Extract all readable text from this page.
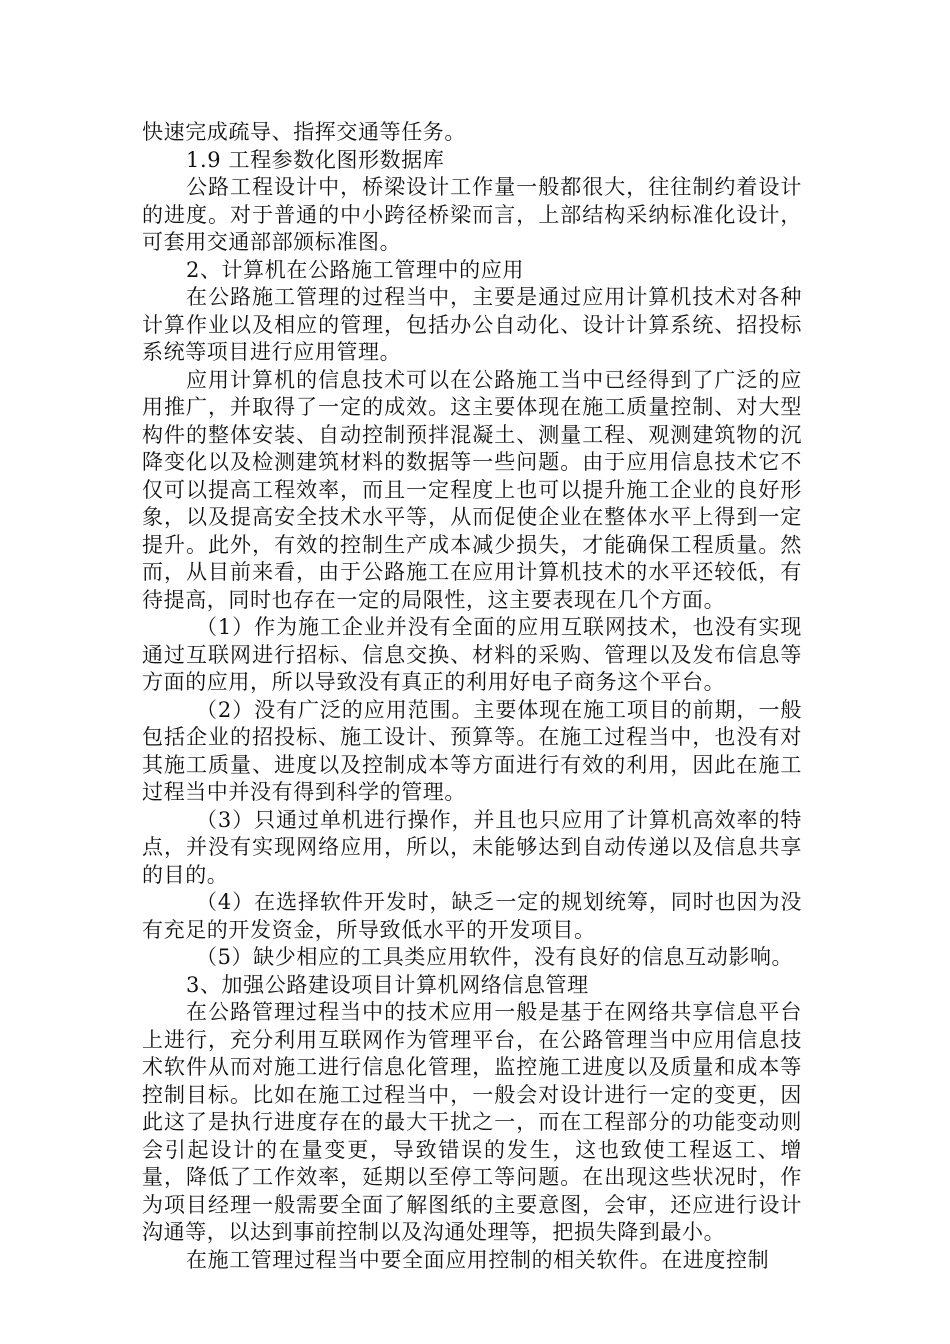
快速完成疏导、指挥交通等任务。

1.9 工程参数化图形数据库

公路工程设计中，桥梁设计工作量一般都很大，往往制约着设计的进度。对于普通的中小跨径桥梁而言，上部结构采纳标准化设计，可套用交通部部颁标准图。

2、计算机在公路施工管理中的应用

在公路施工管理的过程当中，主要是通过应用计算机技术对各种计算作业以及相应的管理，包括办公自动化、设计计算系统、招投标系统等项目进行应用管理。

应用计算机的信息技术可以在公路施工当中已经得到了广泛的应用推广，并取得了一定的成效。这主要体现在施工质量控制、对大型构件的整体安装、自动控制预拌混凝土、测量工程、观测建筑物的沉降变化以及检测建筑材料的数据等一些问题。由于应用信息技术它不仅可以提高工程效率，而且一定程度上也可以提升施工企业的良好形象，以及提高安全技术水平等，从而促使企业在整体水平上得到一定提升。此外，有效的控制生产成本减少损失，才能确保工程质量。然而，从目前来看，由于公路施工在应用计算机技术的水平还较低，有待提高，同时也存在一定的局限性，这主要表现在几个方面。

（1）作为施工企业并没有全面的应用互联网技术，也没有实现通过互联网进行招标、信息交换、材料的采购、管理以及发布信息等方面的应用，所以导致没有真正的利用好电子商务这个平台。

（2）没有广泛的应用范围。主要体现在施工项目的前期，一般包括企业的招投标、施工设计、预算等。在施工过程当中，也没有对其施工质量、进度以及控制成本等方面进行有效的利用，因此在施工过程当中并没有得到科学的管理。

（3）只通过单机进行操作，并且也只应用了计算机高效率的特点，并没有实现网络应用，所以，未能够达到自动传递以及信息共享的目的。

（4）在选择软件开发时，缺乏一定的规划统筹，同时也因为没有充足的开发资金，所导致低水平的开发项目。

（5）缺少相应的工具类应用软件，没有良好的信息互动影响。

3、加强公路建设项目计算机网络信息管理

在公路管理过程当中的技术应用一般是基于在网络共享信息平台上进行，充分利用互联网作为管理平台，在公路管理当中应用信息技术软件从而对施工进行信息化管理，监控施工进度以及质量和成本等控制目标。比如在施工过程当中，一般会对设计进行一定的变更，因此这了是执行进度存在的最大干扰之一，而在工程部分的功能变动则会引起设计的在量变更，导致错误的发生，这也致使工程返工、增量，降低了工作效率，延期以至停工等问题。在出现这些状况时，作为项目经理一般需要全面了解图纸的主要意图，会审，还应进行设计沟通等，以达到事前控制以及沟通处理等，把损失降到最小。

在施工管理过程当中要全面应用控制的相关软件。在进度控制
